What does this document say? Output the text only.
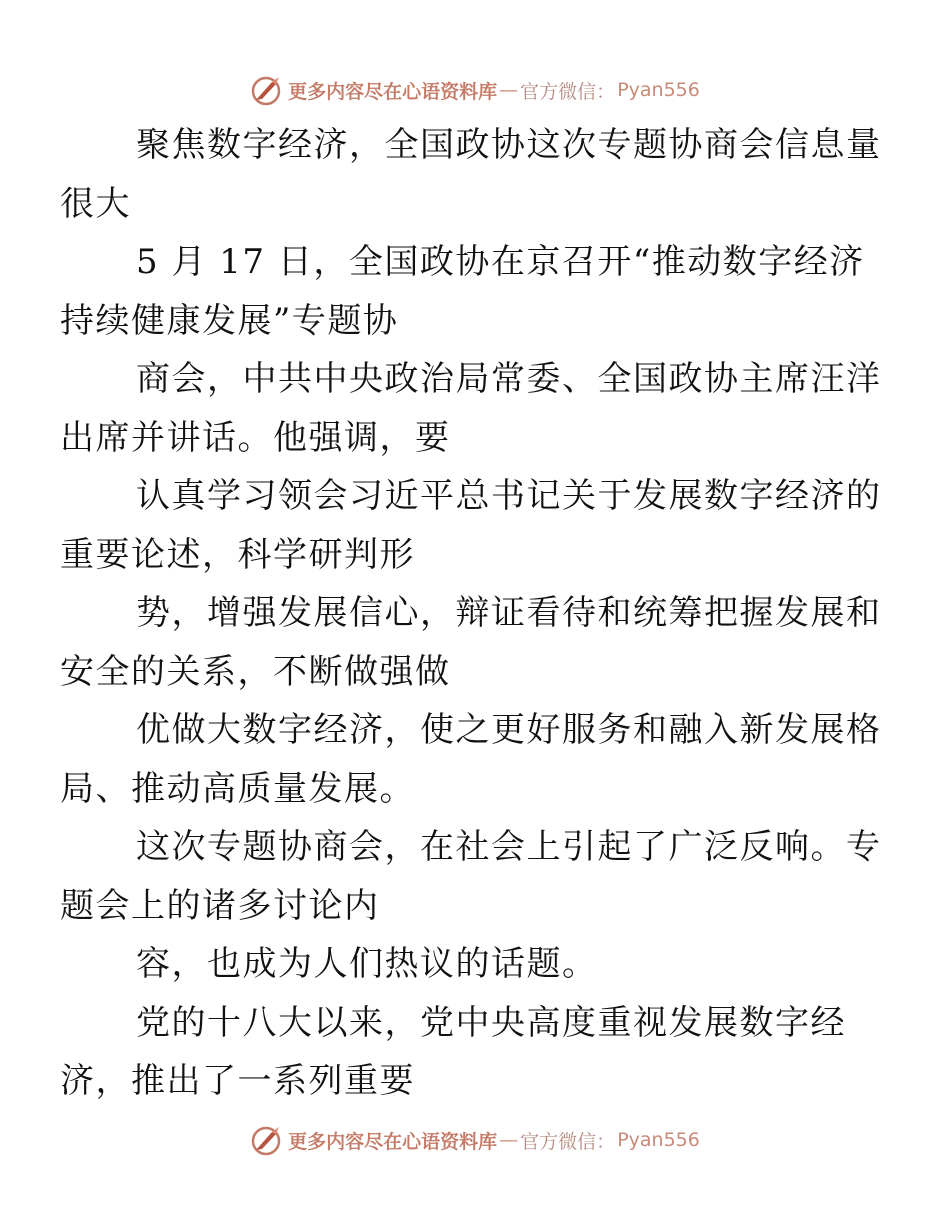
更多内容尽在心语资料库 — 官方微信： Pyan556

聚焦数字经济，全国政协这次专题协商会信息量
很大

5 月 17 日，全国政协在京召开“推动数字经济
持续健康发展”专题协

商会，中共中央政治局常委、全国政协主席汪洋
出席并讲话。他强调，要

认真学习领会习近平总书记关于发展数字经济的
重要论述，科学研判形

势，增强发展信心，辩证看待和统筹把握发展和
安全的关系，不断做强做

优做大数字经济，使之更好服务和融入新发展格
局、推动高质量发展。

这次专题协商会，在社会上引起了广泛反响。专
题会上的诸多讨论内

容，也成为人们热议的话题。

党的十八大以来，党中央高度重视发展数字经
济，推出了一系列重要

更多内容尽在心语资料库 — 官方微信： Pyan556
